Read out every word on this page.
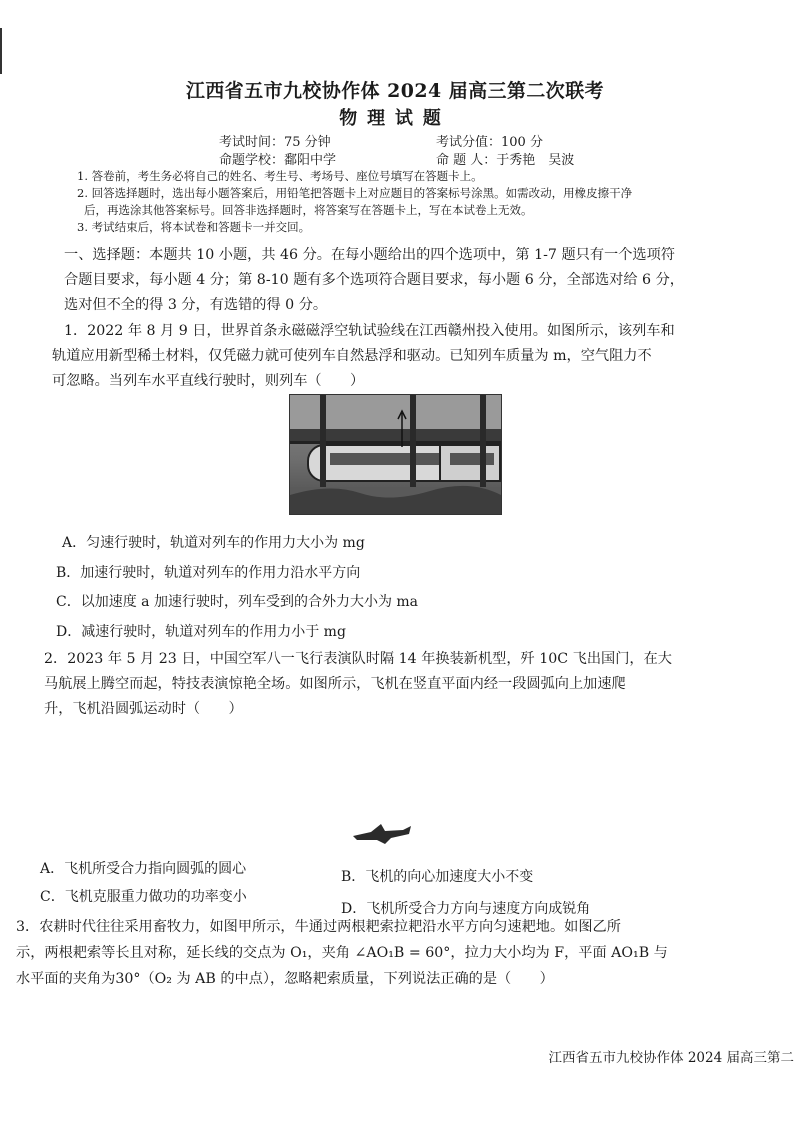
江西省五市九校协作体 2024 届高三第二次联考
物理试题
考试时间：75 分钟	考试分值：100 分
命题学校：鄱阳中学	命 题 人：于秀艳　吴波
1. 答卷前，考生务必将自己的姓名、考生号、考场号、座位号填写在答题卡上。
2. 回答选择题时，选出每小题答案后，用铅笔把答题卡上对应题目的答案标号涂黑。如需改动，用橡皮擦干净
后，再选涂其他答案标号。回答非选择题时，将答案写在答题卡上，写在本试卷上无效。
3. 考试结束后，将本试卷和答题卡一并交回。
一、选择题：本题共 10 小题，共 46 分。在每小题给出的四个选项中，第 1-7 题只有一个选项符
合题目要求，每小题 4 分；第 8-10 题有多个选项符合题目要求，每小题 6 分，全部选对给 6 分，
选对但不全的得 3 分，有选错的得 0 分。
1．2022 年 8 月 9 日，世界首条永磁磁浮空轨试验线在江西赣州投入使用。如图所示，该列车和
轨道应用新型稀土材料，仅凭磁力就可使列车自然悬浮和驱动。已知列车质量为 m，空气阻力不
可忽略。当列车水平直线行驶时，则列车（　　）
A．匀速行驶时，轨道对列车的作用力大小为 mg
B．加速行驶时，轨道对列车的作用力沿水平方向
C．以加速度 a 加速行驶时，列车受到的合外力大小为 ma
D．减速行驶时，轨道对列车的作用力小于 mg
2．2023 年 5 月 23 日，中国空军八一飞行表演队时隔 14 年换装新机型，歼 10C 飞出国门，在大
马航展上腾空而起，特技表演惊艳全场。如图所示，飞机在竖直平面内经一段圆弧向上加速爬
升，飞机沿圆弧运动时（　　）
A．飞机所受合力指向圆弧的圆心	B．飞机的向心加速度大小不变
C．飞机克服重力做功的功率变小
D．飞机所受合力方向与速度方向成锐角
3．农耕时代往往采用畜牧力，如图甲所示，牛通过两根耙索拉耙沿水平方向匀速耙地。如图乙所
示，两根耙索等长且对称，延长线的交点为 O₁，夹角 ∠AO₁B = 60°，拉力大小均为 F，平面 AO₁B 与
水平面的夹角为30°（O₂ 为 AB 的中点），忽略耙索质量，下列说法正确的是（　　）
江西省五市九校协作体 2024 届高三第二
